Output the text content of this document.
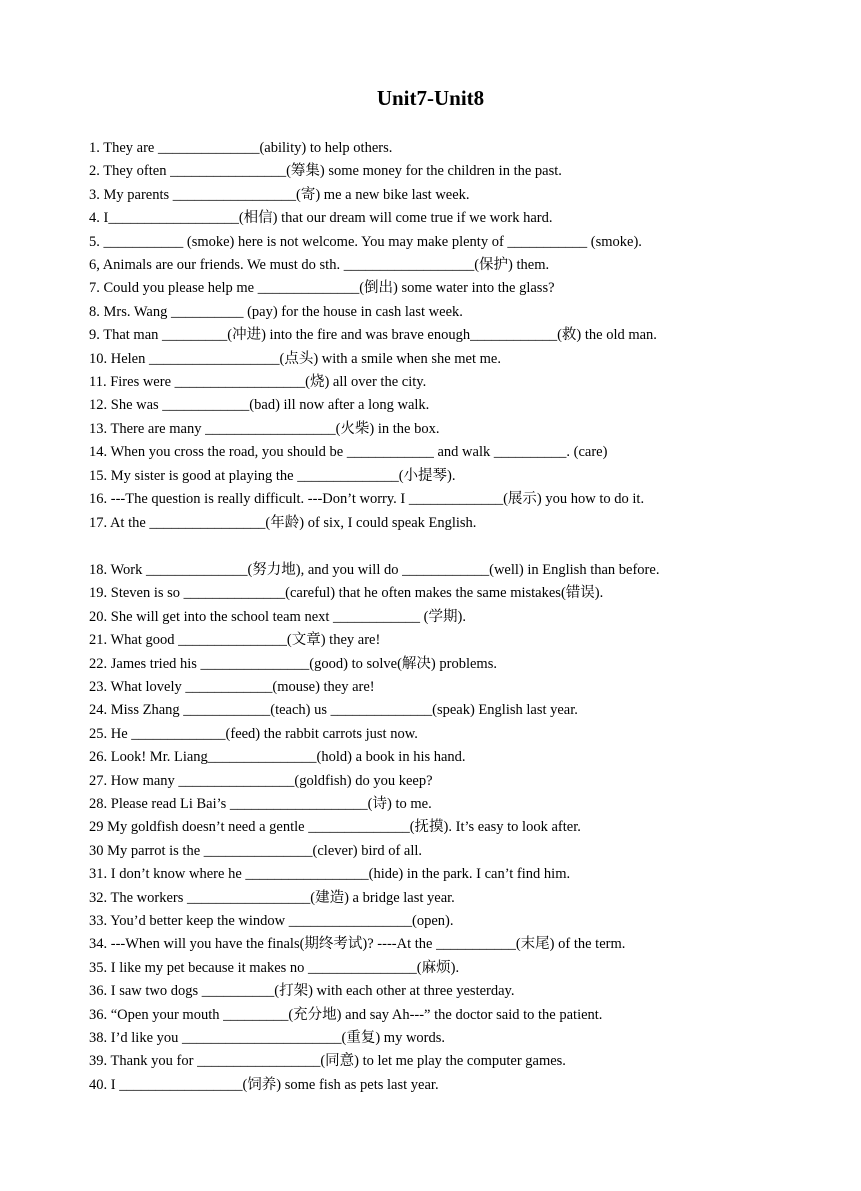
Unit7-Unit8
1. They are ______________(ability) to help others.
2. They often ________________(筹集) some money for the children in the past.
3. My parents _________________(寄) me a new bike last week.
4. I__________________(相信) that our dream will come true if we work hard.
5. ___________ (smoke) here is not welcome. You may make plenty of ___________ (smoke).
6, Animals are our friends. We must do sth. __________________(保护) them.
7. Could you please help me ______________(倒出) some water into the glass?
8. Mrs. Wang __________ (pay) for the house in cash last week.
9. That man _________(冲进) into the fire and was brave enough____________(救) the old man.
10. Helen __________________(点头) with a smile when she met me.
11. Fires were __________________(烧) all over the city.
12. She was ____________(bad) ill now after a long walk.
13. There are many __________________(火柴) in the box.
14. When you cross the road, you should be ____________ and walk __________. (care)
15. My sister is good at playing the ______________(小提琴).
16. ---The question is really difficult. ---Don’t worry. I _____________(展示) you how to do it.
17. At the ________________(年龄) of six, I could speak English.
18. Work ______________(努力地), and you will do ____________(well) in English than before.
19. Steven is so ______________(careful) that he often makes the same mistakes(错误).
20. She will get into the school team next ____________ (学期).
21. What good _______________(文章) they are!
22. James tried his _______________(good) to solve(解决) problems.
23. What lovely ____________(mouse) they are!
24. Miss Zhang ____________(teach) us ______________(speak) English last year.
25. He _____________(feed) the rabbit carrots just now.
26. Look! Mr. Liang_______________(hold) a book in his hand.
27. How many ________________(goldfish) do you keep?
28. Please read Li Bai’s ___________________(诗) to me.
29 My goldfish doesn’t need a gentle ______________(抚摸). It’s easy to look after.
30 My parrot is the _______________(clever) bird of all.
31. I don’t know where he _________________(hide) in the park. I can’t find him.
32. The workers _________________(建造) a bridge last year.
33. You’d better keep the window _________________(open).
34. ---When will you have the finals(期终考试)? ----At the ___________(末尾) of the term.
35. I like my pet because it makes no _______________(麻烦).
36. I saw two dogs __________(打架) with each other at three yesterday.
36. “Open your mouth _________(充分地) and say Ah---” the doctor said to the patient.
38. I’d like you ______________________(重复) my words.
39. Thank you for _________________(同意) to let me play the computer games.
40. I _________________(饲养) some fish as pets last year.
